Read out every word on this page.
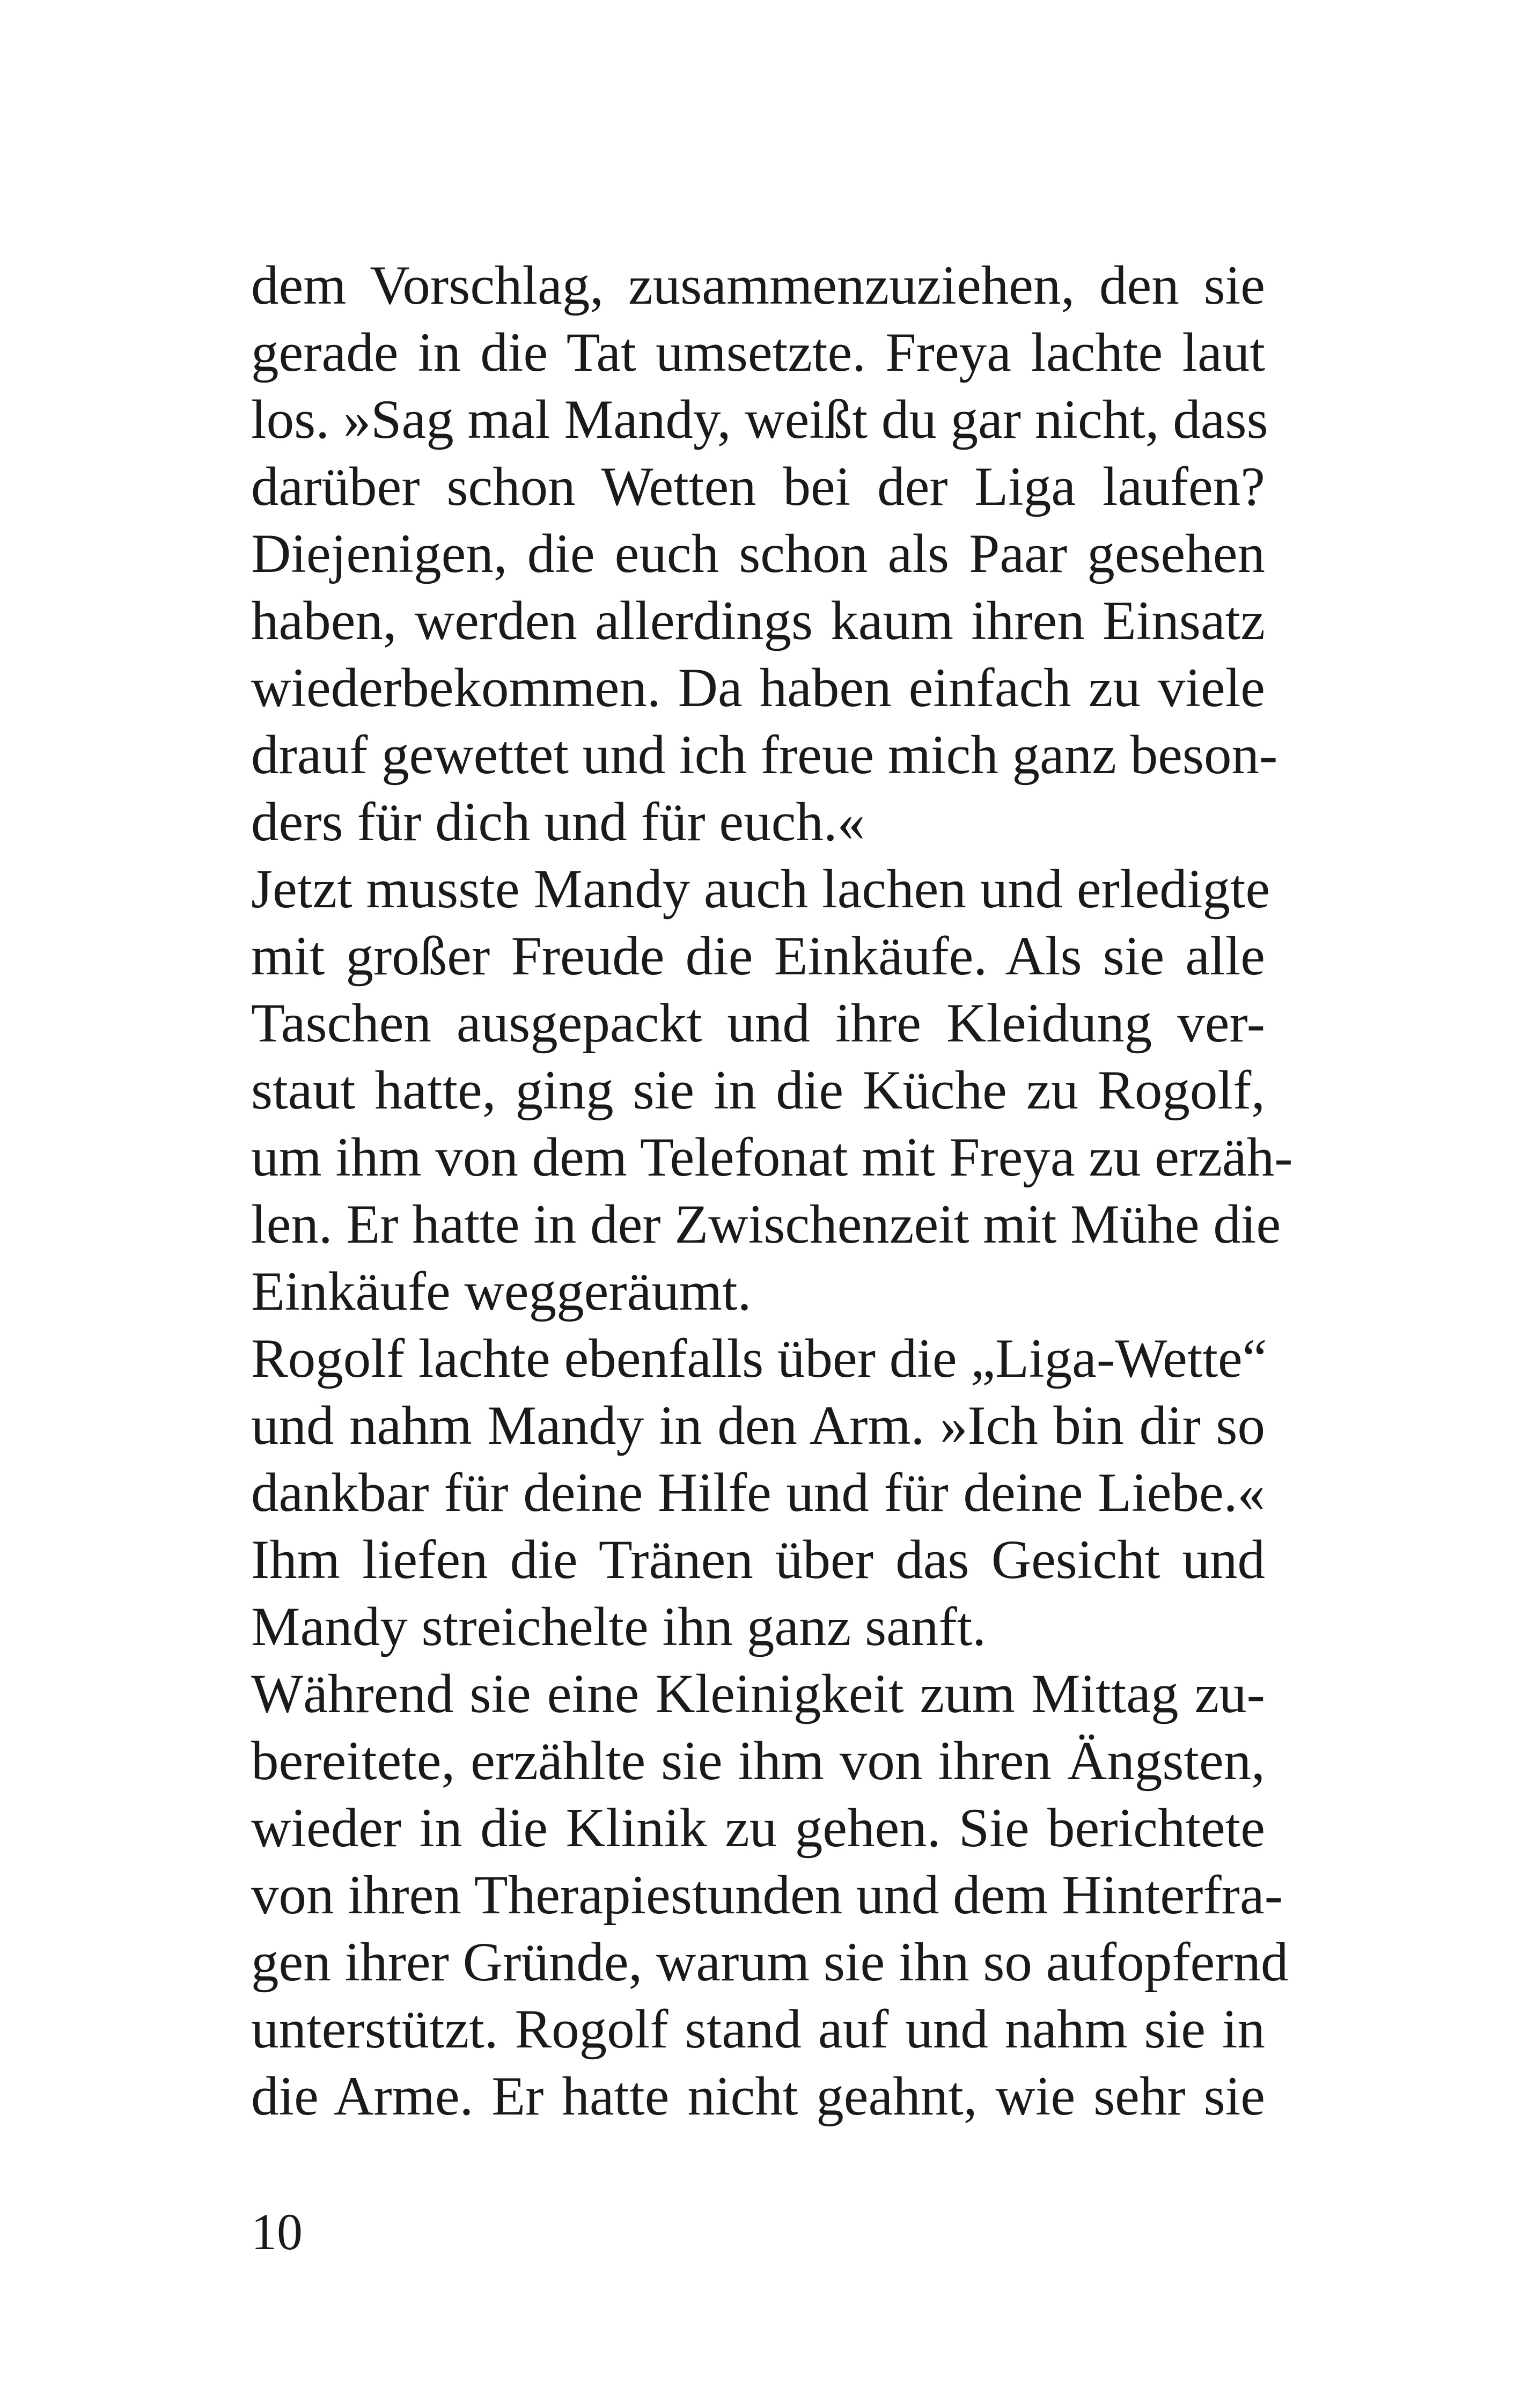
dem Vorschlag, zusammenzuziehen, den sie
gerade in die Tat umsetzte. Freya lachte laut
los. »Sag mal Mandy, weißt du gar nicht, dass
darüber schon Wetten bei der Liga laufen?
Diejenigen, die euch schon als Paar gesehen
haben, werden allerdings kaum ihren Einsatz
wiederbekommen. Da haben einfach zu viele
drauf gewettet und ich freue mich ganz beson-
ders für dich und für euch.«
Jetzt musste Mandy auch lachen und erledigte
mit großer Freude die Einkäufe. Als sie alle
Taschen ausgepackt und ihre Kleidung ver-
staut hatte, ging sie in die Küche zu Rogolf,
um ihm von dem Telefonat mit Freya zu erzäh-
len. Er hatte in der Zwischenzeit mit Mühe die
Einkäufe weggeräumt.
Rogolf lachte ebenfalls über die „Liga-Wette“
und nahm Mandy in den Arm. »Ich bin dir so
dankbar für deine Hilfe und für deine Liebe.«
Ihm liefen die Tränen über das Gesicht und
Mandy streichelte ihn ganz sanft.
Während sie eine Kleinigkeit zum Mittag zu-
bereitete, erzählte sie ihm von ihren Ängsten,
wieder in die Klinik zu gehen. Sie berichtete
von ihren Therapiestunden und dem Hinterfra-
gen ihrer Gründe, warum sie ihn so aufopfernd
unterstützt. Rogolf stand auf und nahm sie in
die Arme. Er hatte nicht geahnt, wie sehr sie
10
